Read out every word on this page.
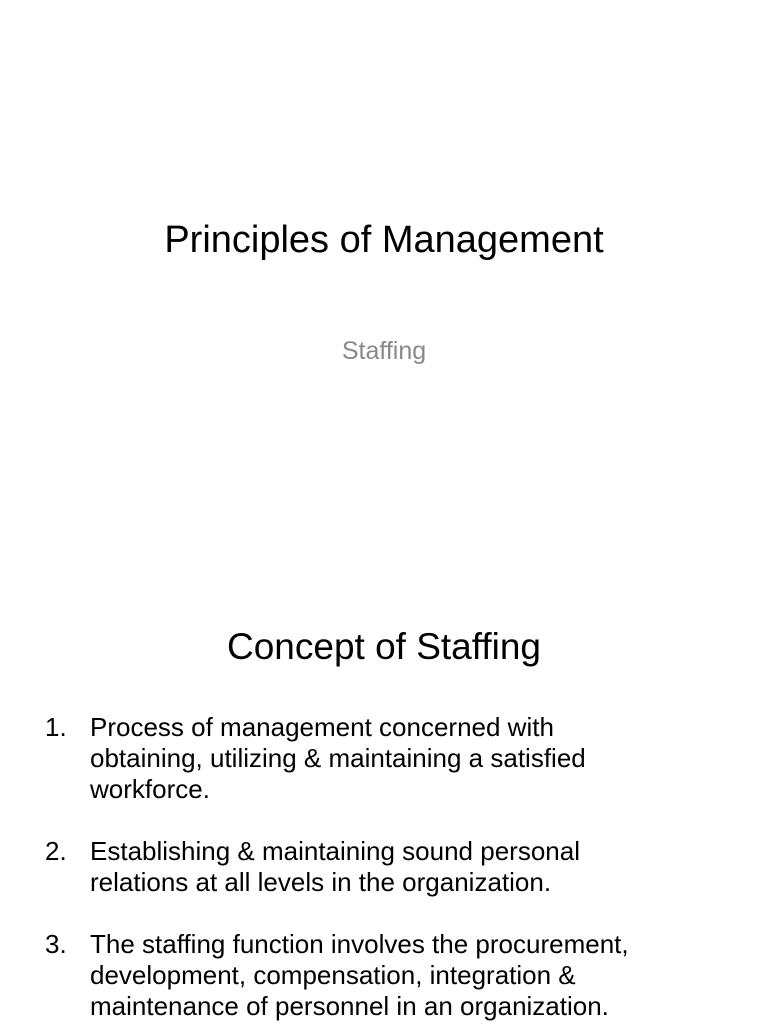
Principles of Management
Staffing
Concept of Staffing
1. Process of management concerned with
obtaining, utilizing & maintaining a satisfied
workforce.
2. Establishing & maintaining sound personal
relations at all levels in the organization.
3. The staffing function involves the procurement,
development, compensation, integration &
maintenance of personnel in an organization.
